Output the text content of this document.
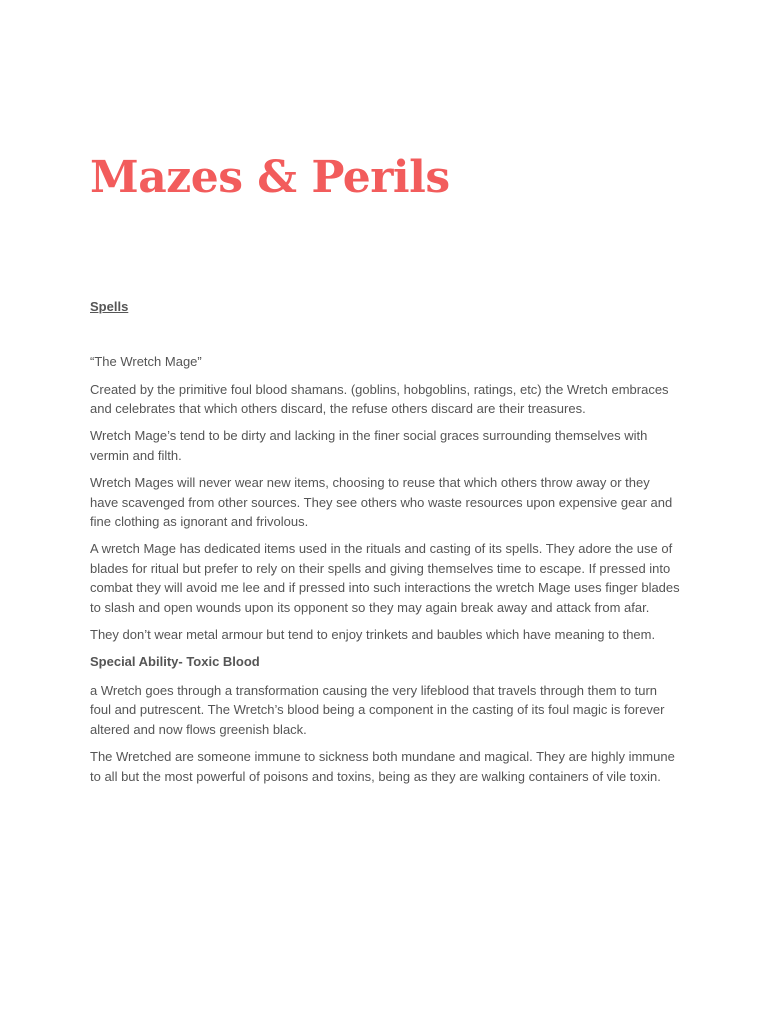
Mazes & Perils
Spells

“The Wretch Mage”

Created by the primitive foul blood shamans. (goblins, hobgoblins, ratings, etc) the Wretch embraces and celebrates that which others discard, the refuse others discard are their treasures.

Wretch Mage’s tend to be dirty and lacking in the finer social graces surrounding themselves with vermin and filth.

Wretch Mages will never wear new items, choosing to reuse that which others throw away or they have scavenged from other sources. They see others who waste resources upon expensive gear and fine clothing as ignorant and frivolous.

A wretch Mage has dedicated items used in the rituals and casting of its spells. They adore the use of blades for ritual but prefer to rely on their spells and giving themselves time to escape. If pressed into combat they will avoid me lee and if pressed into such interactions the wretch Mage uses finger blades to slash and open wounds upon its opponent so they may again break away and attack from afar.

They don’t wear metal armour but tend to enjoy trinkets and baubles which have meaning to them.

Special Ability- Toxic Blood

a Wretch goes through a transformation causing the very lifeblood that travels through them to turn foul and putrescent. The Wretch’s blood being a component in the casting of its foul magic is forever altered and now flows greenish black.

The Wretched are someone immune to sickness both mundane and magical. They are highly immune to all but the most powerful of poisons and toxins, being as they are walking containers of vile toxin.
